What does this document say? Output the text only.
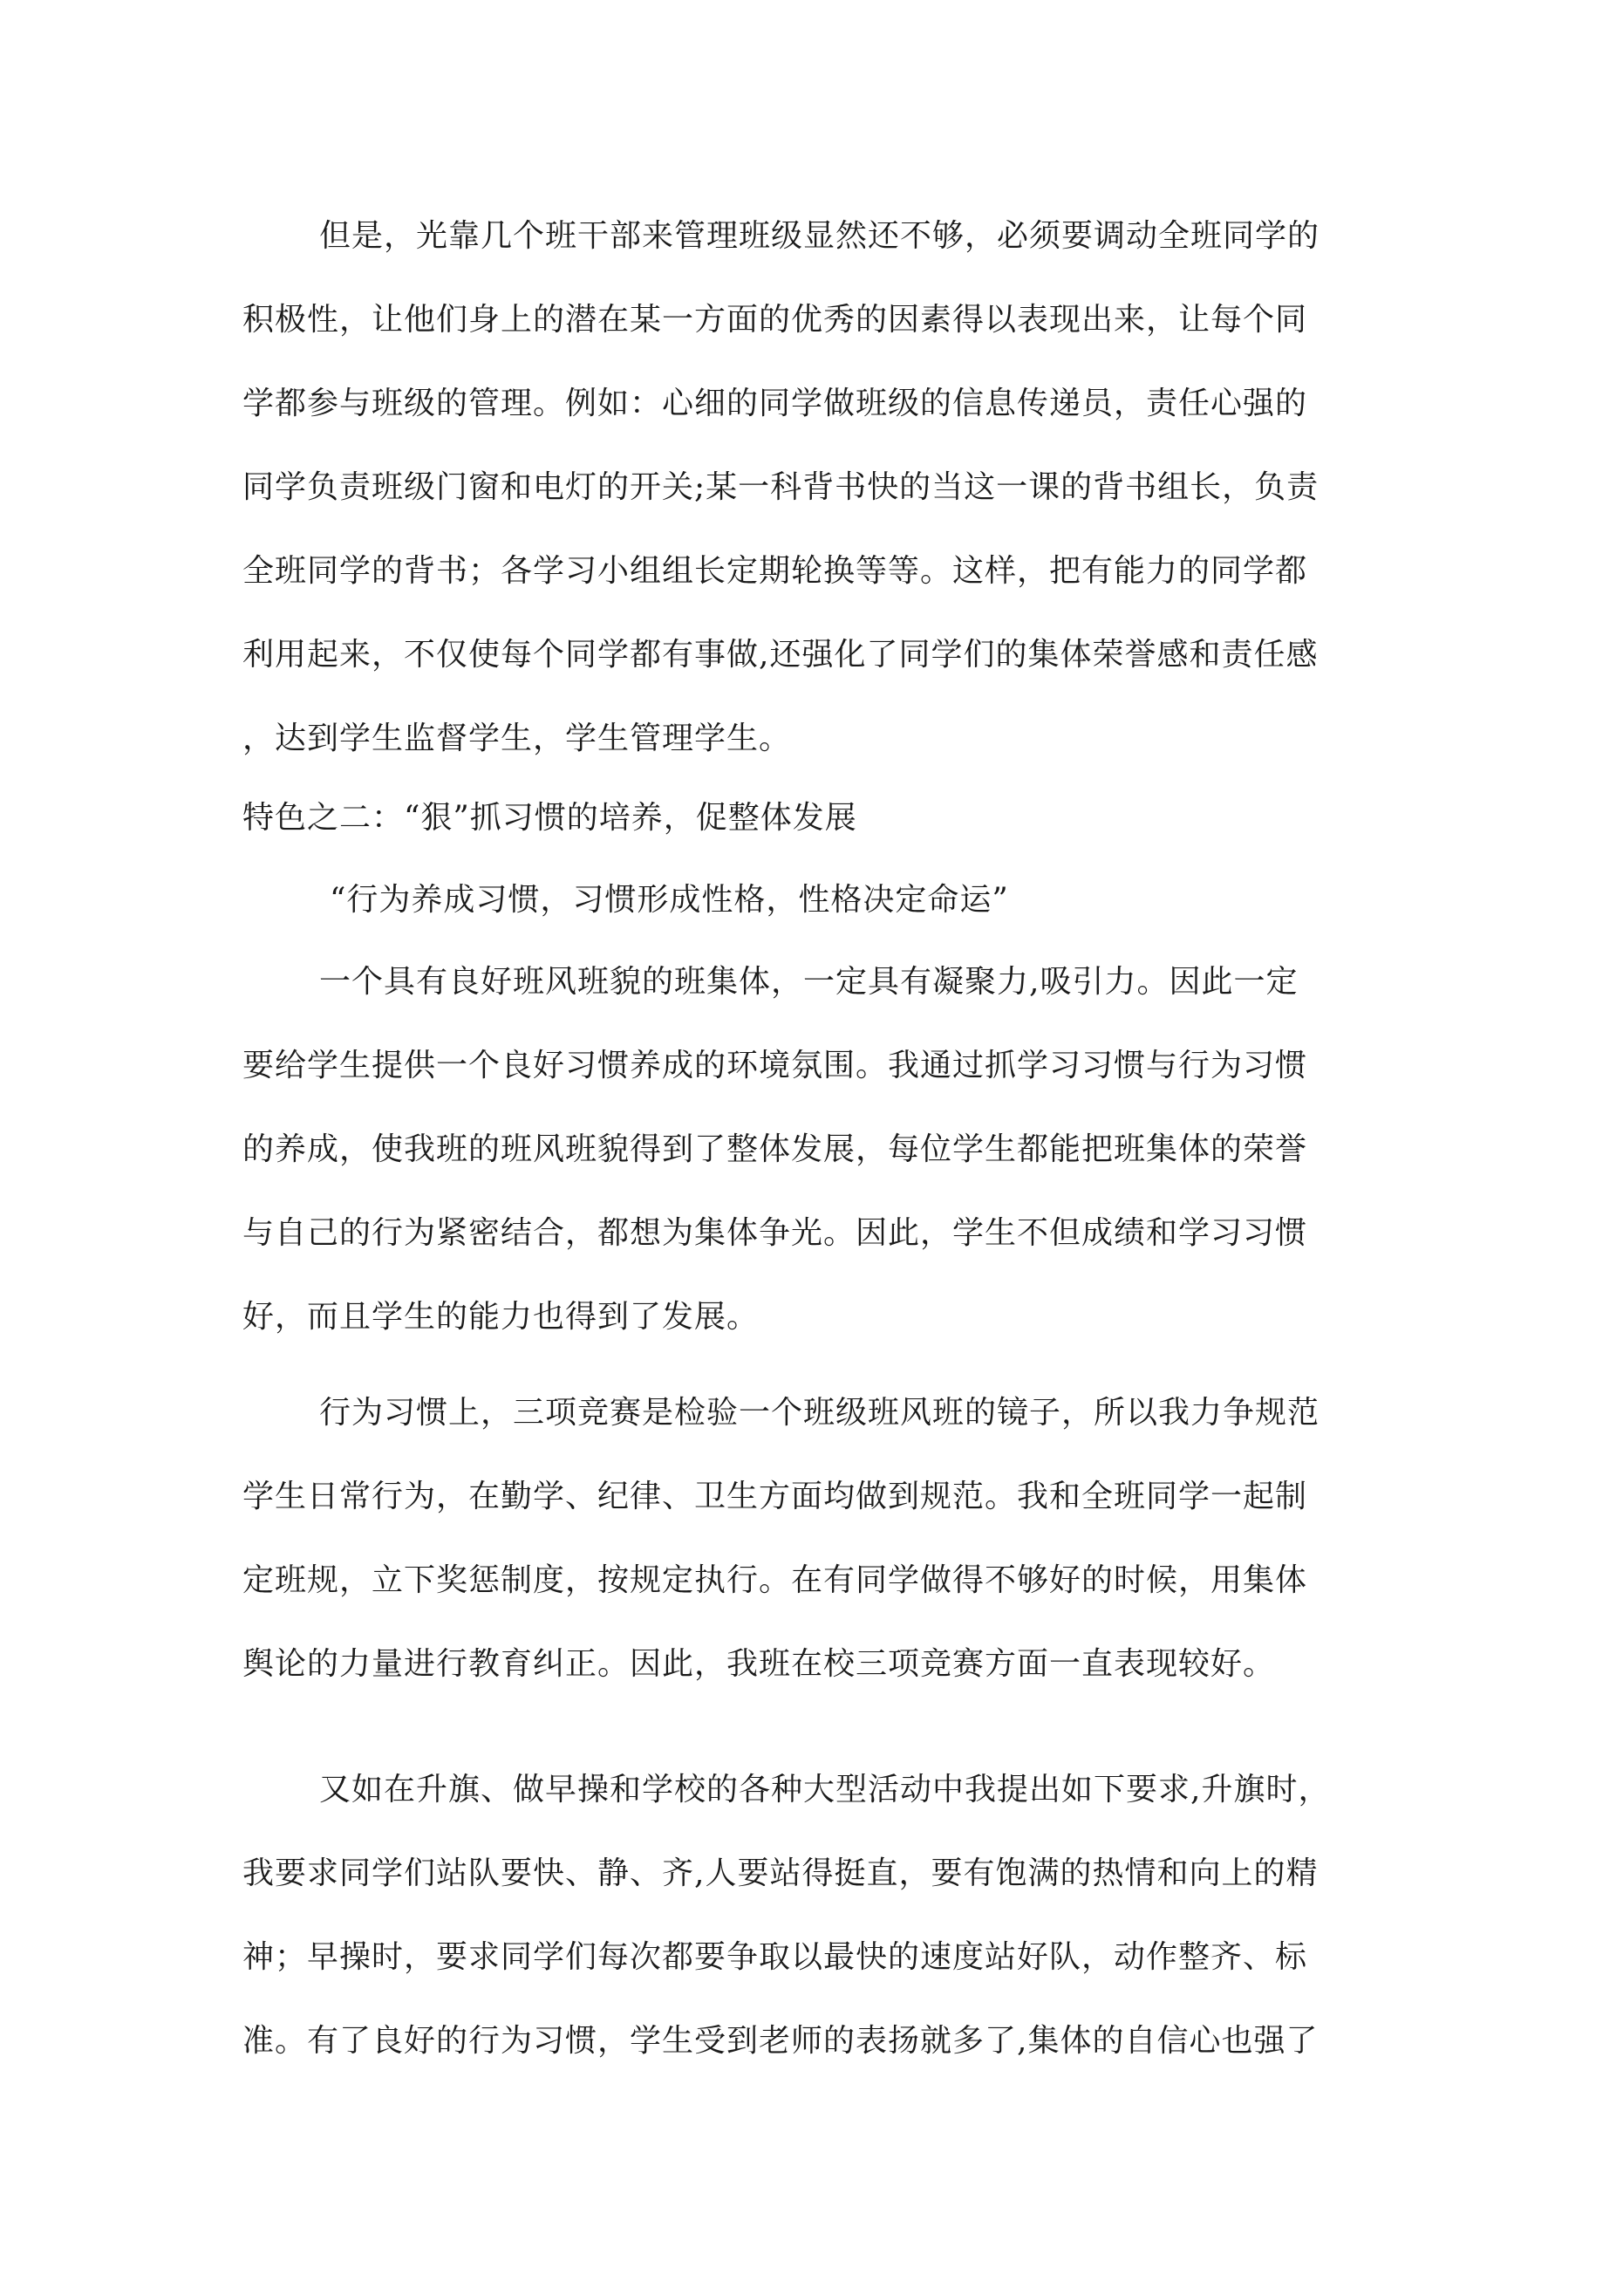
但是，光靠几个班干部来管理班级显然还不够，必须要调动全班同学的
积极性，让他们身上的潜在某一方面的优秀的因素得以表现出来，让每个同
学都参与班级的管理。例如：心细的同学做班级的信息传递员，责任心强的
同学负责班级门窗和电灯的开关;某一科背书快的当这一课的背书组长，负责
全班同学的背书；各学习小组组长定期轮换等等。这样，把有能力的同学都
利用起来，不仅使每个同学都有事做,还强化了同学们的集体荣誉感和责任感
，达到学生监督学生，学生管理学生。
特色之二：“狠”抓习惯的培养，促整体发展
“行为养成习惯，习惯形成性格，性格决定命运”
一个具有良好班风班貌的班集体，一定具有凝聚力,吸引力。因此一定
要给学生提供一个良好习惯养成的环境氛围。我通过抓学习习惯与行为习惯
的养成，使我班的班风班貌得到了整体发展，每位学生都能把班集体的荣誉
与自己的行为紧密结合，都想为集体争光。因此，学生不但成绩和学习习惯
好，而且学生的能力也得到了发展。
行为习惯上，三项竞赛是检验一个班级班风班的镜子，所以我力争规范
学生日常行为，在勤学、纪律、卫生方面均做到规范。我和全班同学一起制
定班规，立下奖惩制度，按规定执行。在有同学做得不够好的时候，用集体
舆论的力量进行教育纠正。因此，我班在校三项竞赛方面一直表现较好。
又如在升旗、做早操和学校的各种大型活动中我提出如下要求,升旗时，
我要求同学们站队要快、静、齐,人要站得挺直，要有饱满的热情和向上的精
神；早操时，要求同学们每次都要争取以最快的速度站好队，动作整齐、标
准。有了良好的行为习惯，学生受到老师的表扬就多了,集体的自信心也强了
